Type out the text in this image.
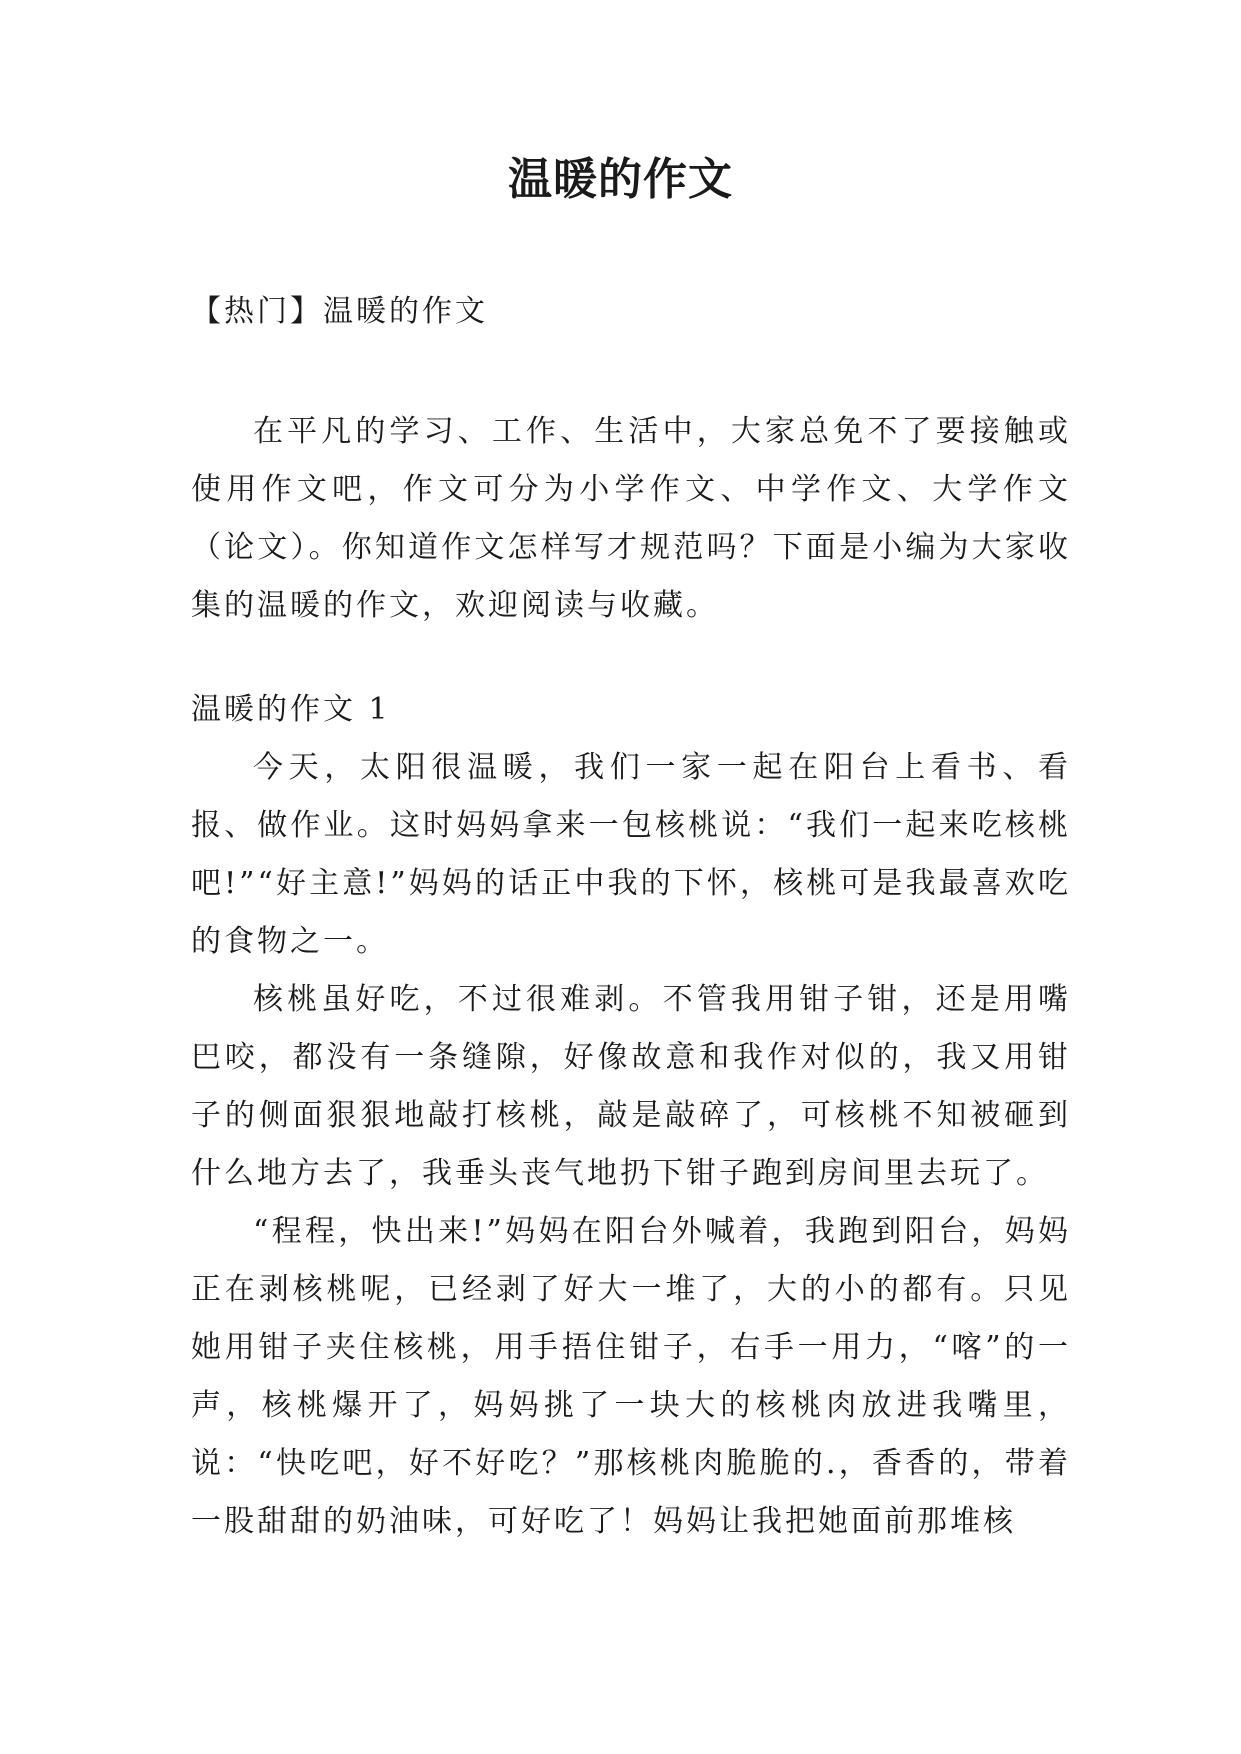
温暖的作文
【热门】温暖的作文

在平凡的学习、工作、生活中，大家总免不了要接触或使用作文吧，作文可分为小学作文、中学作文、大学作文（论文）。你知道作文怎样写才规范吗？下面是小编为大家收集的温暖的作文，欢迎阅读与收藏。

温暖的作文 1

今天，太阳很温暖，我们一家一起在阳台上看书、看报、做作业。这时妈妈拿来一包核桃说：“我们一起来吃核桃吧!”“好主意!”妈妈的话正中我的下怀，核桃可是我最喜欢吃的食物之一。

核桃虽好吃，不过很难剥。不管我用钳子钳，还是用嘴巴咬，都没有一条缝隙，好像故意和我作对似的，我又用钳子的侧面狠狠地敲打核桃，敲是敲碎了，可核桃不知被砸到什么地方去了，我垂头丧气地扔下钳子跑到房间里去玩了。

“程程，快出来!”妈妈在阳台外喊着，我跑到阳台，妈妈正在剥核桃呢，已经剥了好大一堆了，大的小的都有。只见她用钳子夹住核桃，用手捂住钳子，右手一用力，“喀”的一声，核桃爆开了，妈妈挑了一块大的核桃肉放进我嘴里，说：“快吃吧，好不好吃？”那核桃肉脆脆的.，香香的，带着一股甜甜的奶油味，可好吃了！妈妈让我把她面前那堆核
